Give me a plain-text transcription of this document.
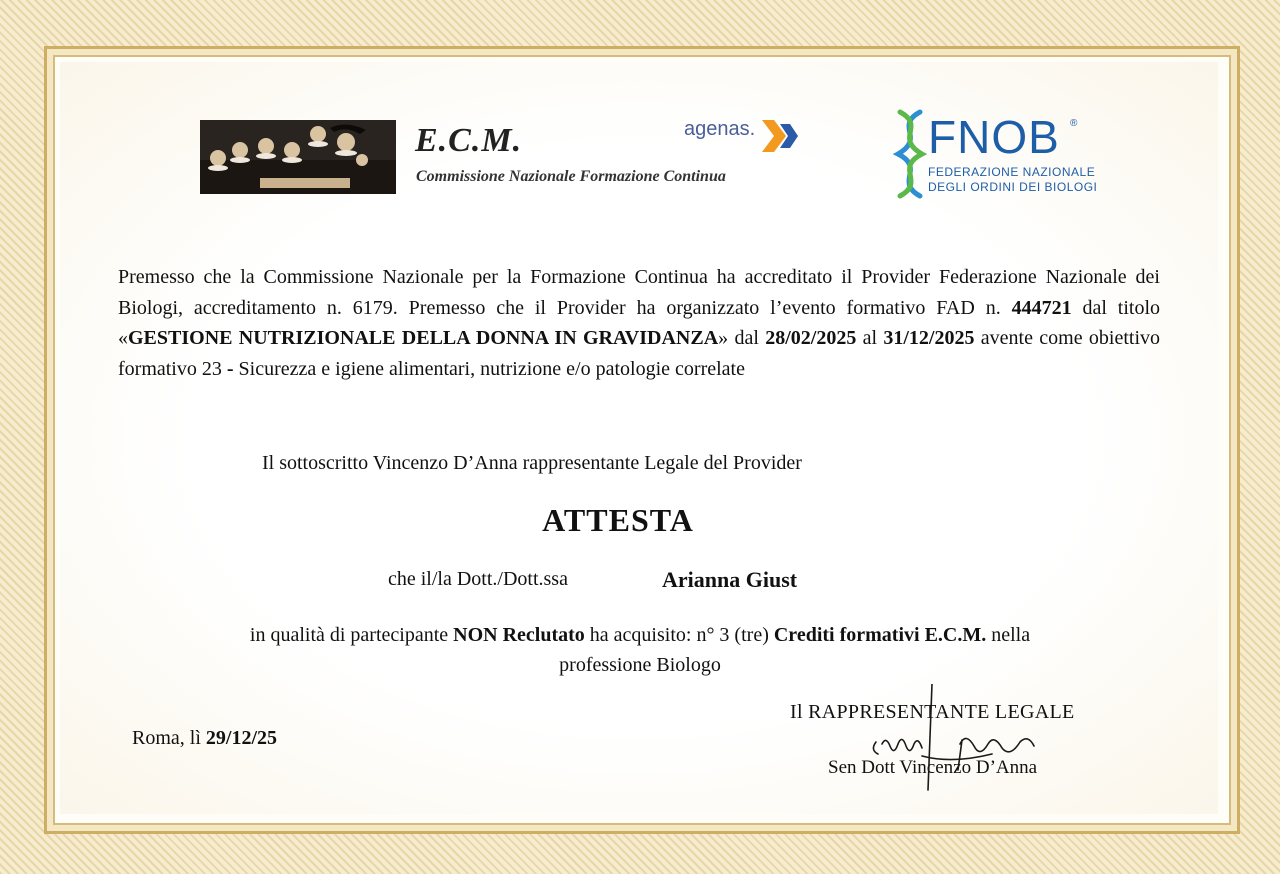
E.C.M.
Commissione Nazionale Formazione Continua
agenas.	FNOB ®
FEDERAZIONE NAZIONALE
DEGLI ORDINI DEI BIOLOGI
Premesso che la Commissione Nazionale per la Formazione Continua ha accreditato il Provider Federazione Nazionale dei Biologi, accreditamento n. 6179. Premesso che il Provider ha organizzato l’evento formativo FAD n. 444721 dal titolo «GESTIONE NUTRIZIONALE DELLA DONNA IN GRAVIDANZA» dal 28/02/2025 al 31/12/2025 avente come obiettivo formativo 23 - Sicurezza e igiene alimentari, nutrizione e/o patologie correlate
Il sottoscritto Vincenzo D’Anna rappresentante Legale del Provider
ATTESTA
che il/la Dott./Dott.ssa	Arianna Giust
in qualità di partecipante NON Reclutato ha acquisito: n° 3 (tre) Crediti formativi E.C.M. nella
professione Biologo
Roma, lì 29/12/25
Il RAPPRESENTANTE LEGALE
Sen Dott Vincenzo D’Anna
